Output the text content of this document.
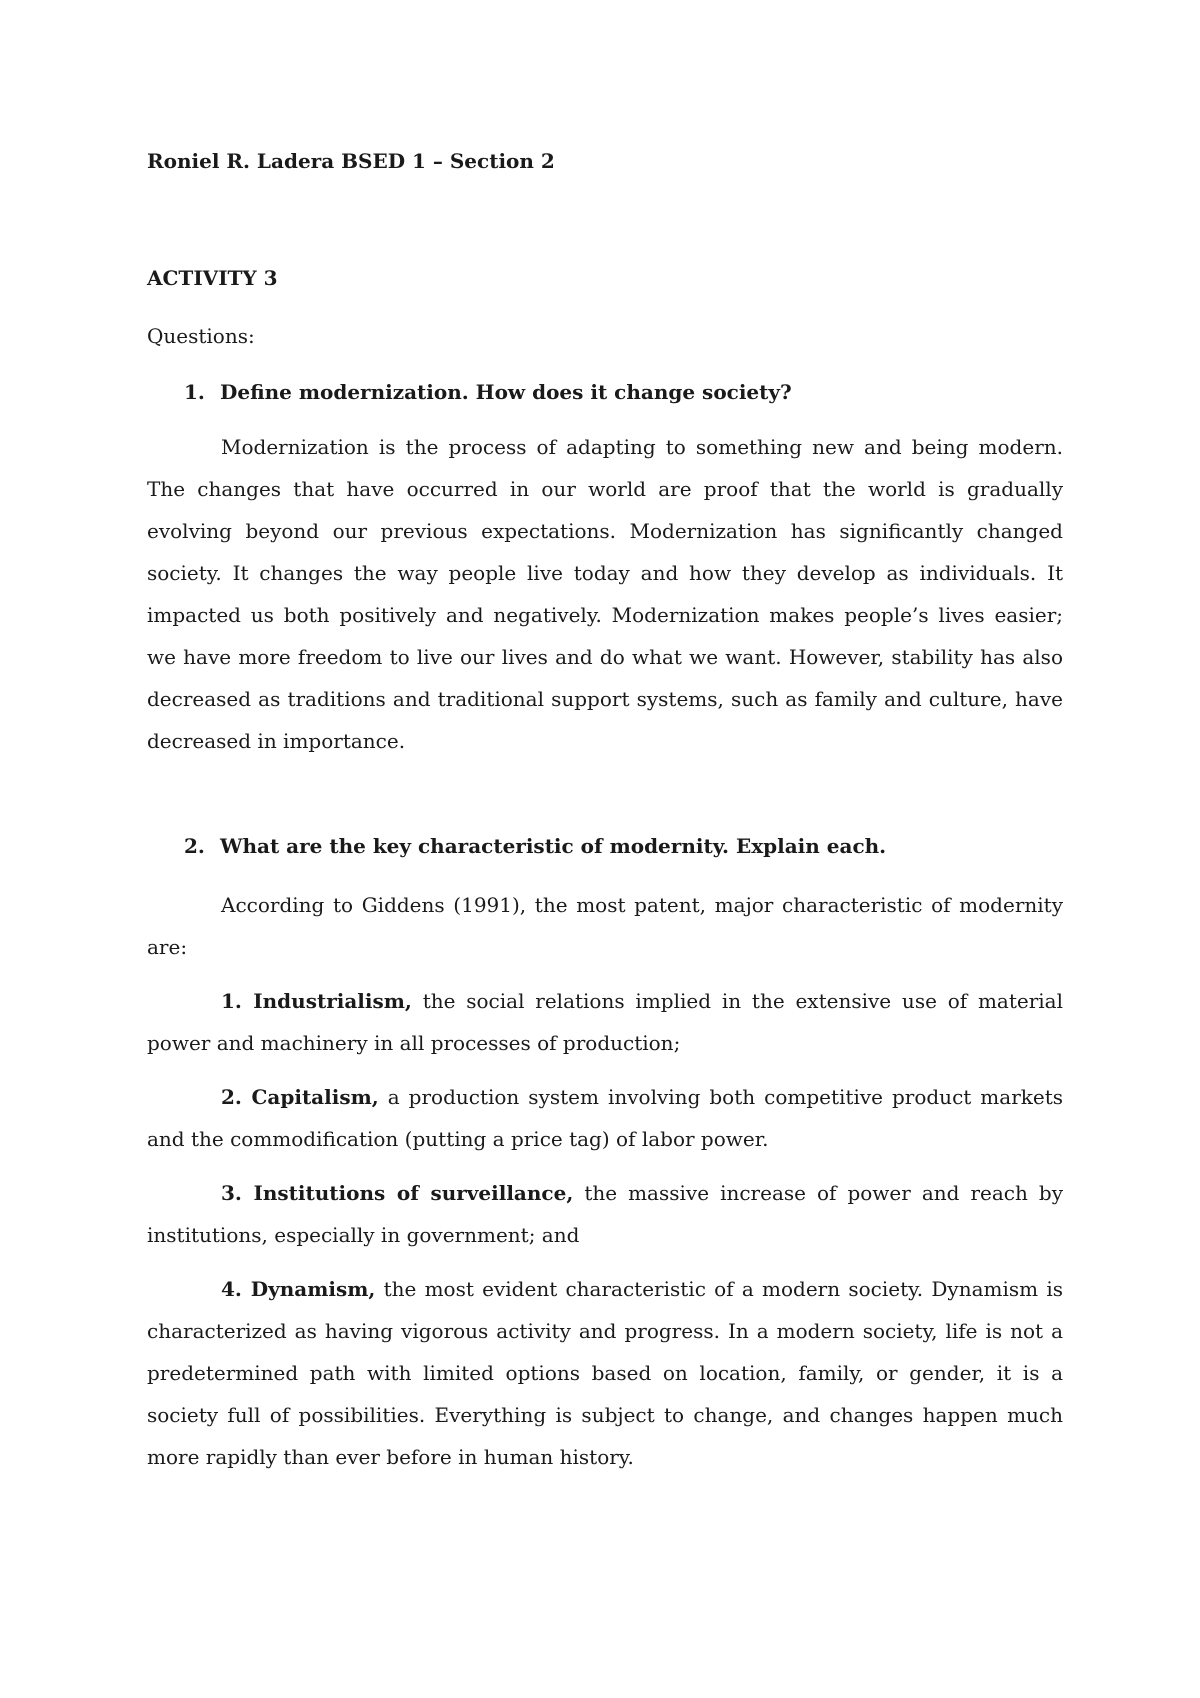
Roniel R. Ladera BSED 1 – Section 2

ACTIVITY 3

Questions:

1. Define modernization. How does it change society?

Modernization is the process of adapting to something new and being modern. The changes that have occurred in our world are proof that the world is gradually evolving beyond our previous expectations. Modernization has significantly changed society. It changes the way people live today and how they develop as individuals. It impacted us both positively and negatively. Modernization makes people’s lives easier; we have more freedom to live our lives and do what we want. However, stability has also decreased as traditions and traditional support systems, such as family and culture, have decreased in importance.

2. What are the key characteristic of modernity. Explain each.

According to Giddens (1991), the most patent, major characteristic of modernity are:

1. Industrialism, the social relations implied in the extensive use of material power and machinery in all processes of production;

2. Capitalism, a production system involving both competitive product markets and the commodification (putting a price tag) of labor power.

3. Institutions of surveillance, the massive increase of power and reach by institutions, especially in government; and

4. Dynamism, the most evident characteristic of a modern society. Dynamism is characterized as having vigorous activity and progress. In a modern society, life is not a predetermined path with limited options based on location, family, or gender, it is a society full of possibilities. Everything is subject to change, and changes happen much more rapidly than ever before in human history.
